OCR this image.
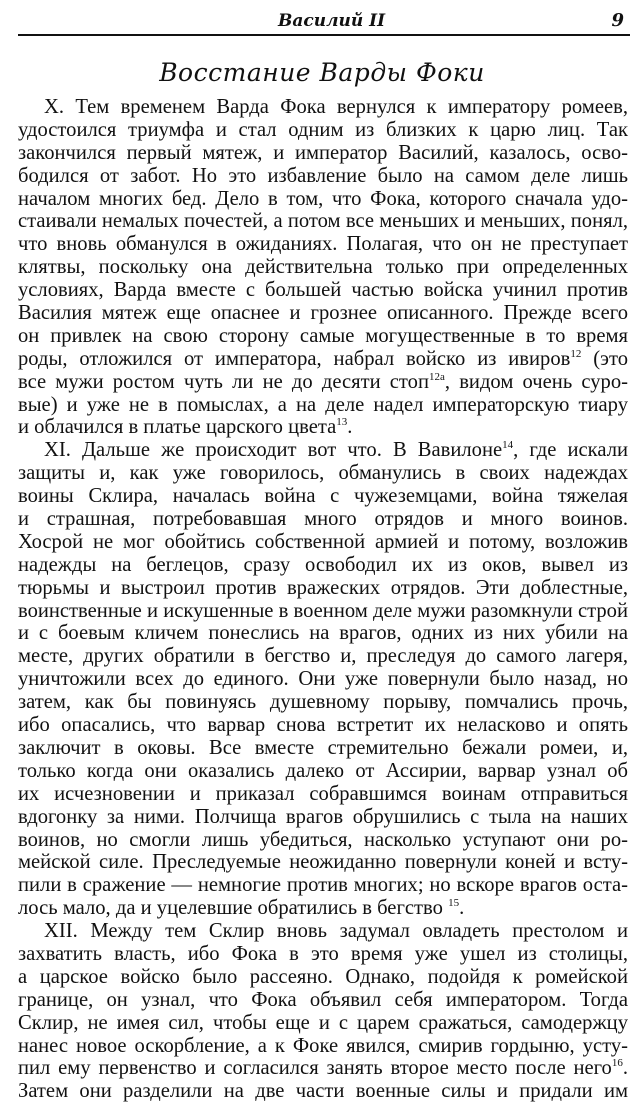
Василий II	9
Восстание Варды Фоки
X. Тем временем Варда Фока вернулся к императору ромеев,
удостоился триумфа и стал одним из близких к царю лиц. Так
закончился первый мятеж, и император Василий, казалось, осво-
бодился от забот. Но это избавление было на самом деле лишь
началом многих бед. Дело в том, что Фока, которого сначала удо-
стаивали немалых почестей, а потом все меньших и меньших, понял,
что вновь обманулся в ожиданиях. Полагая, что он не преступает
клятвы, поскольку она действительна только при определенных
условиях, Варда вместе с большей частью войска учинил против
Василия мятеж еще опаснее и грознее описанного. Прежде всего
он привлек на свою сторону самые могущественные в то время
роды, отложился от императора, набрал войско из ивиров$^{12}$ (это
все мужи ростом чуть ли не до десяти стоп$^{12а}$, видом очень суро-
вые) и уже не в помыслах, а на деле надел императорскую тиару
и облачился в платье царского цвета$^{13}$.
XI. Дальше же происходит вот что. В Вавилоне$^{14}$, где искали
защиты и, как уже говорилось, обманулись в своих надеждах
воины Склира, началась война с чужеземцами, война тяжелая
и страшная, потребовавшая много отрядов и много воинов.
Хосрой не мог обойтись собственной армией и потому, возложив
надежды на беглецов, сразу освободил их из оков, вывел из
тюрьмы и выстроил против вражеских отрядов. Эти доблестные,
воинственные и искушенные в военном деле мужи разомкнули строй
и с боевым кличем понеслись на врагов, одних из них убили на
месте, других обратили в бегство и, преследуя до самого лагеря,
уничтожили всех до единого. Они уже повернули было назад, но
затем, как бы повинуясь душевному порыву, помчались прочь,
ибо опасались, что варвар снова встретит их неласково и опять
заключит в оковы. Все вместе стремительно бежали ромеи, и,
только когда они оказались далеко от Ассирии, варвар узнал об
их исчезновении и приказал собравшимся воинам отправиться
вдогонку за ними. Полчища врагов обрушились с тыла на наших
воинов, но смогли лишь убедиться, насколько уступают они ро-
мейской силе. Преследуемые неожиданно повернули коней и всту-
пили в сражение — немногие против многих; но вскоре врагов оста-
лось мало, да и уцелевшие обратились в бегство $^{15}$.
XII. Между тем Склир вновь задумал овладеть престолом и
захватить власть, ибо Фока в это время уже ушел из столицы,
а царское войско было рассеяно. Однако, подойдя к ромейской
границе, он узнал, что Фока объявил себя императором. Тогда
Склир, не имея сил, чтобы еще и с царем сражаться, самодержцу
нанес новое оскорбление, а к Фоке явился, смирив гордыню, усту-
пил ему первенство и согласился занять второе место после него$^{16}$.
Затем они разделили на две части военные силы и придали им
